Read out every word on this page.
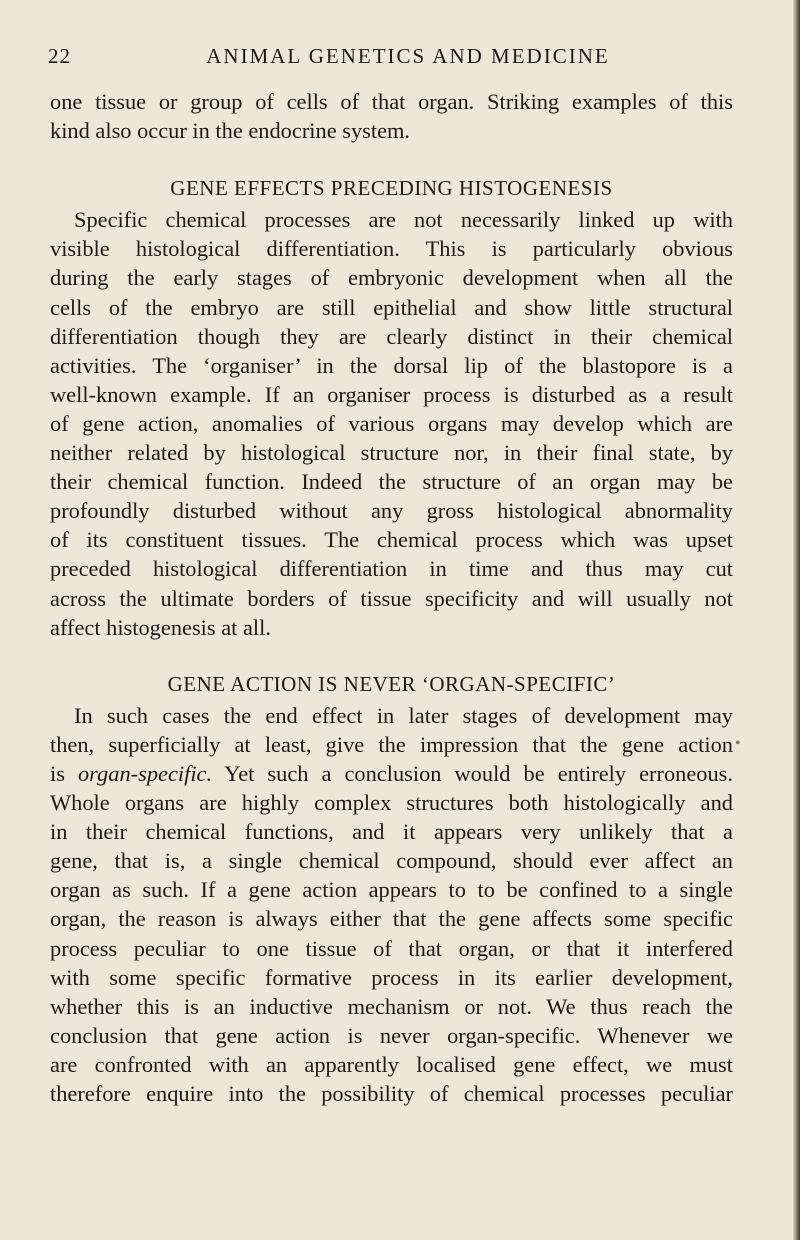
22	ANIMAL GENETICS AND MEDICINE
one tissue or group of cells of that organ. Striking examples of this
kind also occur in the endocrine system.
GENE EFFECTS PRECEDING HISTOGENESIS
Specific chemical processes are not necessarily linked up with
visible histological differentiation. This is particularly obvious
during the early stages of embryonic development when all the
cells of the embryo are still epithelial and show little structural
differentiation though they are clearly distinct in their chemical
activities. The ‘organiser’ in the dorsal lip of the blastopore is a
well-known example. If an organiser process is disturbed as a result
of gene action, anomalies of various organs may develop which are
neither related by histological structure nor, in their final state, by
their chemical function. Indeed the structure of an organ may be
profoundly disturbed without any gross histological abnormality
of its constituent tissues. The chemical process which was upset
preceded histological differentiation in time and thus may cut
across the ultimate borders of tissue specificity and will usually not
affect histogenesis at all.
GENE ACTION IS NEVER ‘ORGAN-SPECIFIC’
In such cases the end effect in later stages of development may
then, superficially at least, give the impression that the gene action
is organ-specific. Yet such a conclusion would be entirely erroneous.
Whole organs are highly complex structures both histologically and
in their chemical functions, and it appears very unlikely that a
gene, that is, a single chemical compound, should ever affect an
organ as such. If a gene action appears to to be confined to a single
organ, the reason is always either that the gene affects some specific
process peculiar to one tissue of that organ, or that it interfered
with some specific formative process in its earlier development,
whether this is an inductive mechanism or not. We thus reach the
conclusion that gene action is never organ-specific. Whenever we
are confronted with an apparently localised gene effect, we must
therefore enquire into the possibility of chemical processes peculiar
•
